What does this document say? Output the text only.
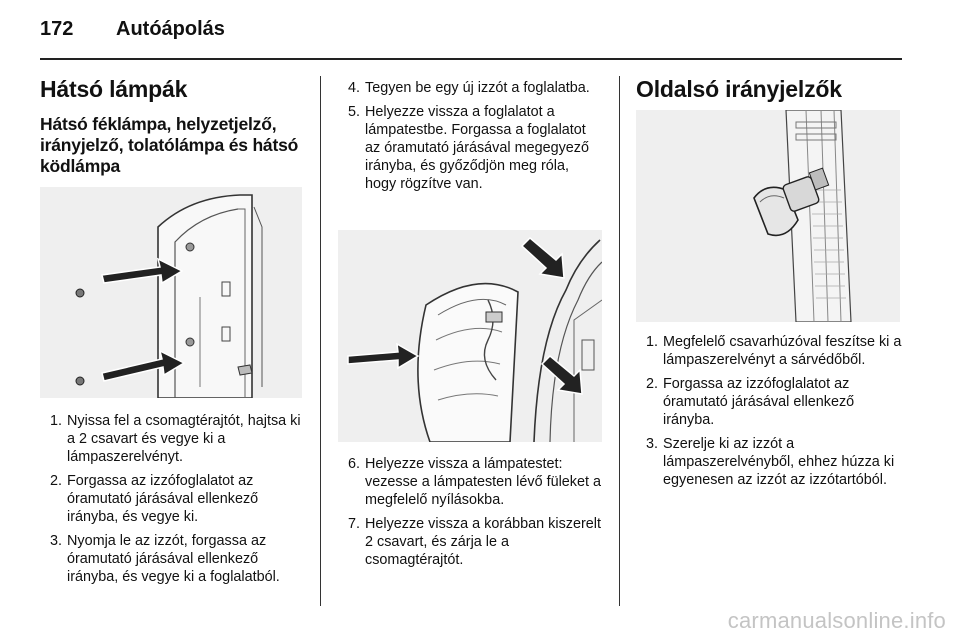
172	Autóápolás
Hátsó lámpák
Hátsó féklámpa, helyzetjelző, irányjelző, tolatólámpa és hátsó ködlámpa
1. Nyissa fel a csomagtérajtót, hajtsa ki a 2 csavart és vegye ki a lámpaszerelvényt.
2. Forgassa az izzófoglalatot az óramutató járásával ellenkező irányba, és vegye ki.
3. Nyomja le az izzót, forgassa az óramutató járásával ellenkező irányba, és vegye ki a foglalatból.
4. Tegyen be egy új izzót a foglalatba.
5. Helyezze vissza a foglalatot a lámpatestbe. Forgassa a foglalatot az óramutató járásával megegyező irányba, és győződjön meg róla, hogy rögzítve van.
6. Helyezze vissza a lámpatestet: vezesse a lámpatesten lévő füleket a megfelelő nyílásokba.
7. Helyezze vissza a korábban kiszerelt 2 csavart, és zárja le a csomagtérajtót.
Oldalsó irányjelzők
1. Megfelelő csavarhúzóval feszítse ki a lámpaszerelvényt a sárvédőből.
2. Forgassa az izzófoglalatot az óramutató járásával ellenkező irányba.
3. Szerelje ki az izzót a lámpaszerelvényből, ehhez húzza ki egyenesen az izzót az izzótartóból.
carmanualsonline.info
